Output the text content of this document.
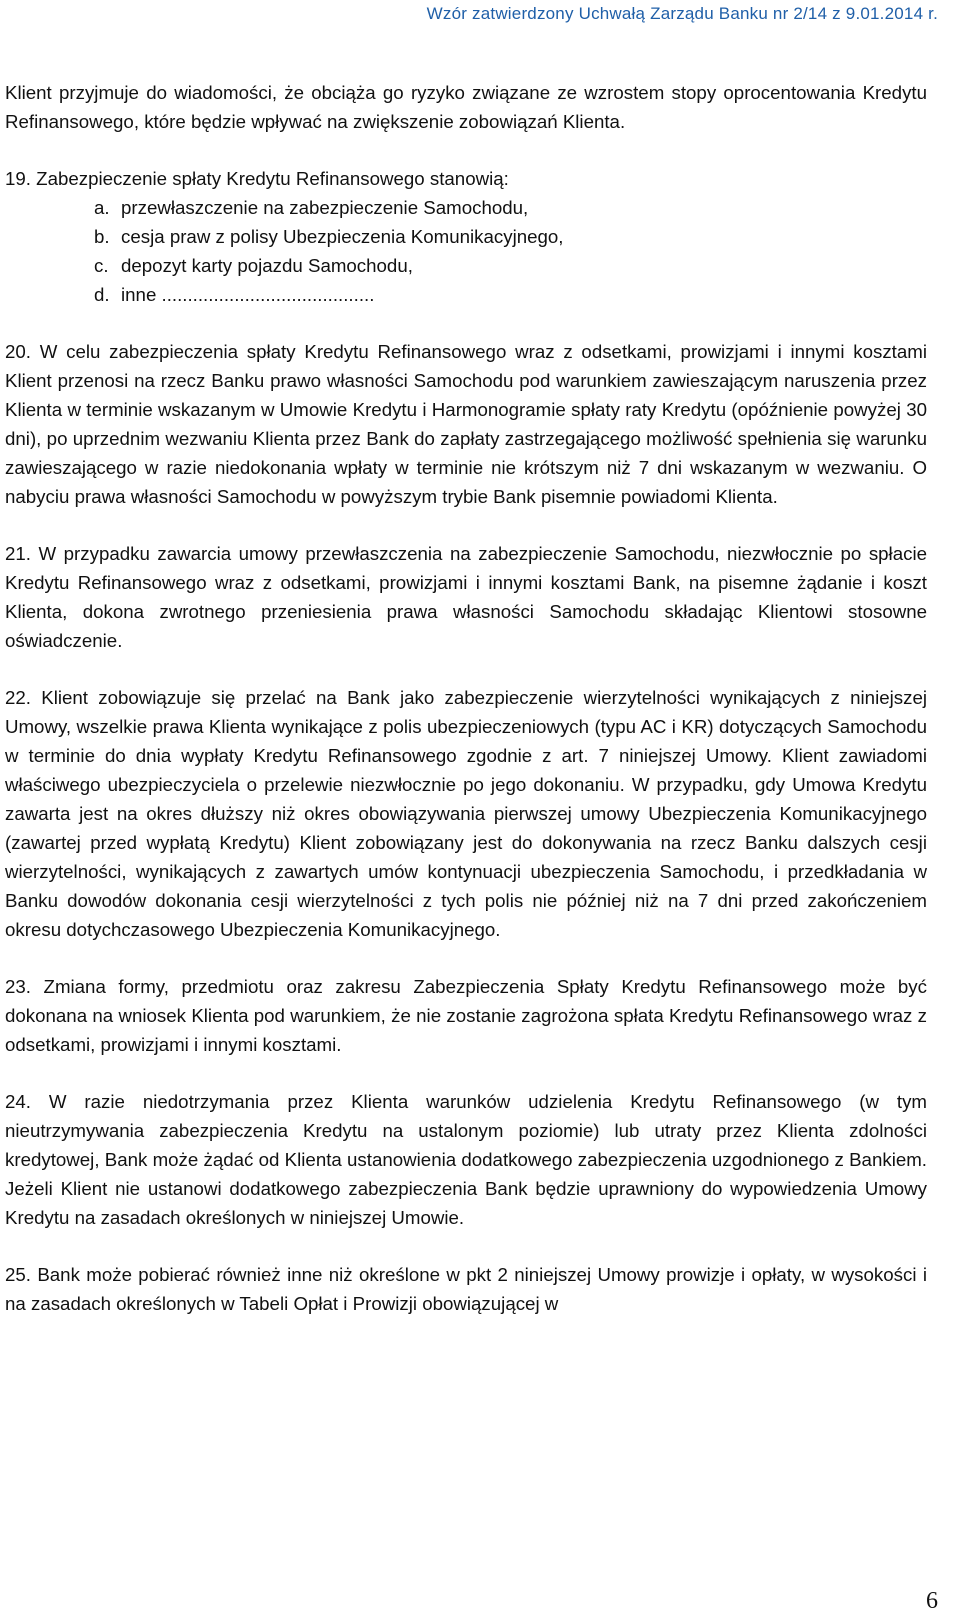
Wzór zatwierdzony Uchwałą Zarządu Banku nr 2/14 z 9.01.2014 r.

Klient przyjmuje do wiadomości, że obciąża go ryzyko związane ze wzrostem stopy oprocentowania Kredytu Refinansowego, które będzie wpływać na zwiększenie zobowiązań Klienta.

19. Zabezpieczenie spłaty Kredytu Refinansowego stanowią:

a. przewłaszczenie na zabezpieczenie Samochodu,
b. cesja praw z polisy Ubezpieczenia Komunikacyjnego,
c. depozyt karty pojazdu Samochodu,
d. inne .........................................

20. W celu zabezpieczenia spłaty Kredytu Refinansowego wraz z odsetkami, prowizjami i innymi kosztami Klient przenosi na rzecz Banku prawo własności Samochodu pod warunkiem zawieszającym naruszenia przez Klienta w terminie wskazanym w Umowie Kredytu i Harmonogramie spłaty raty Kredytu (opóźnienie powyżej 30 dni), po uprzednim wezwaniu Klienta przez Bank do zapłaty zastrzegającego możliwość spełnienia się warunku zawieszającego w razie niedokonania wpłaty w terminie nie krótszym niż 7 dni wskazanym w wezwaniu. O nabyciu prawa własności Samochodu w powyższym trybie Bank pisemnie powiadomi Klienta.

21. W przypadku zawarcia umowy przewłaszczenia na zabezpieczenie Samochodu, niezwłocznie po spłacie Kredytu Refinansowego wraz z odsetkami, prowizjami i innymi kosztami Bank, na pisemne żądanie i koszt Klienta, dokona zwrotnego przeniesienia prawa własności Samochodu składając Klientowi stosowne oświadczenie.

22. Klient zobowiązuje się przelać na Bank jako zabezpieczenie wierzytelności wynikających z niniejszej Umowy, wszelkie prawa Klienta wynikające z polis ubezpieczeniowych (typu AC i KR) dotyczących Samochodu w terminie do dnia wypłaty Kredytu Refinansowego zgodnie z art. 7 niniejszej Umowy. Klient zawiadomi właściwego ubezpieczyciela o przelewie niezwłocznie po jego dokonaniu. W przypadku, gdy Umowa Kredytu zawarta jest na okres dłuższy niż okres obowiązywania pierwszej umowy Ubezpieczenia Komunikacyjnego (zawartej przed wypłatą Kredytu) Klient zobowiązany jest do dokonywania na rzecz Banku dalszych cesji wierzytelności, wynikających z zawartych umów kontynuacji ubezpieczenia Samochodu, i przedkładania w Banku dowodów dokonania cesji wierzytelności z tych polis nie później niż na 7 dni przed zakończeniem okresu dotychczasowego Ubezpieczenia Komunikacyjnego.

23. Zmiana formy, przedmiotu oraz zakresu Zabezpieczenia Spłaty Kredytu Refinansowego może być dokonana na wniosek Klienta pod warunkiem, że nie zostanie zagrożona spłata Kredytu Refinansowego wraz z odsetkami, prowizjami i innymi kosztami.

24. W razie niedotrzymania przez Klienta warunków udzielenia Kredytu Refinansowego (w tym nieutrzymywania zabezpieczenia Kredytu na ustalonym poziomie) lub utraty przez Klienta zdolności kredytowej, Bank może żądać od Klienta ustanowienia dodatkowego zabezpieczenia uzgodnionego z Bankiem. Jeżeli Klient nie ustanowi dodatkowego zabezpieczenia Bank będzie uprawniony do wypowiedzenia Umowy Kredytu na zasadach określonych w niniejszej Umowie.

25. Bank może pobierać również inne niż określone w pkt 2 niniejszej Umowy prowizje i opłaty, w wysokości i na zasadach określonych w Tabeli Opłat i Prowizji obowiązującej w

6
